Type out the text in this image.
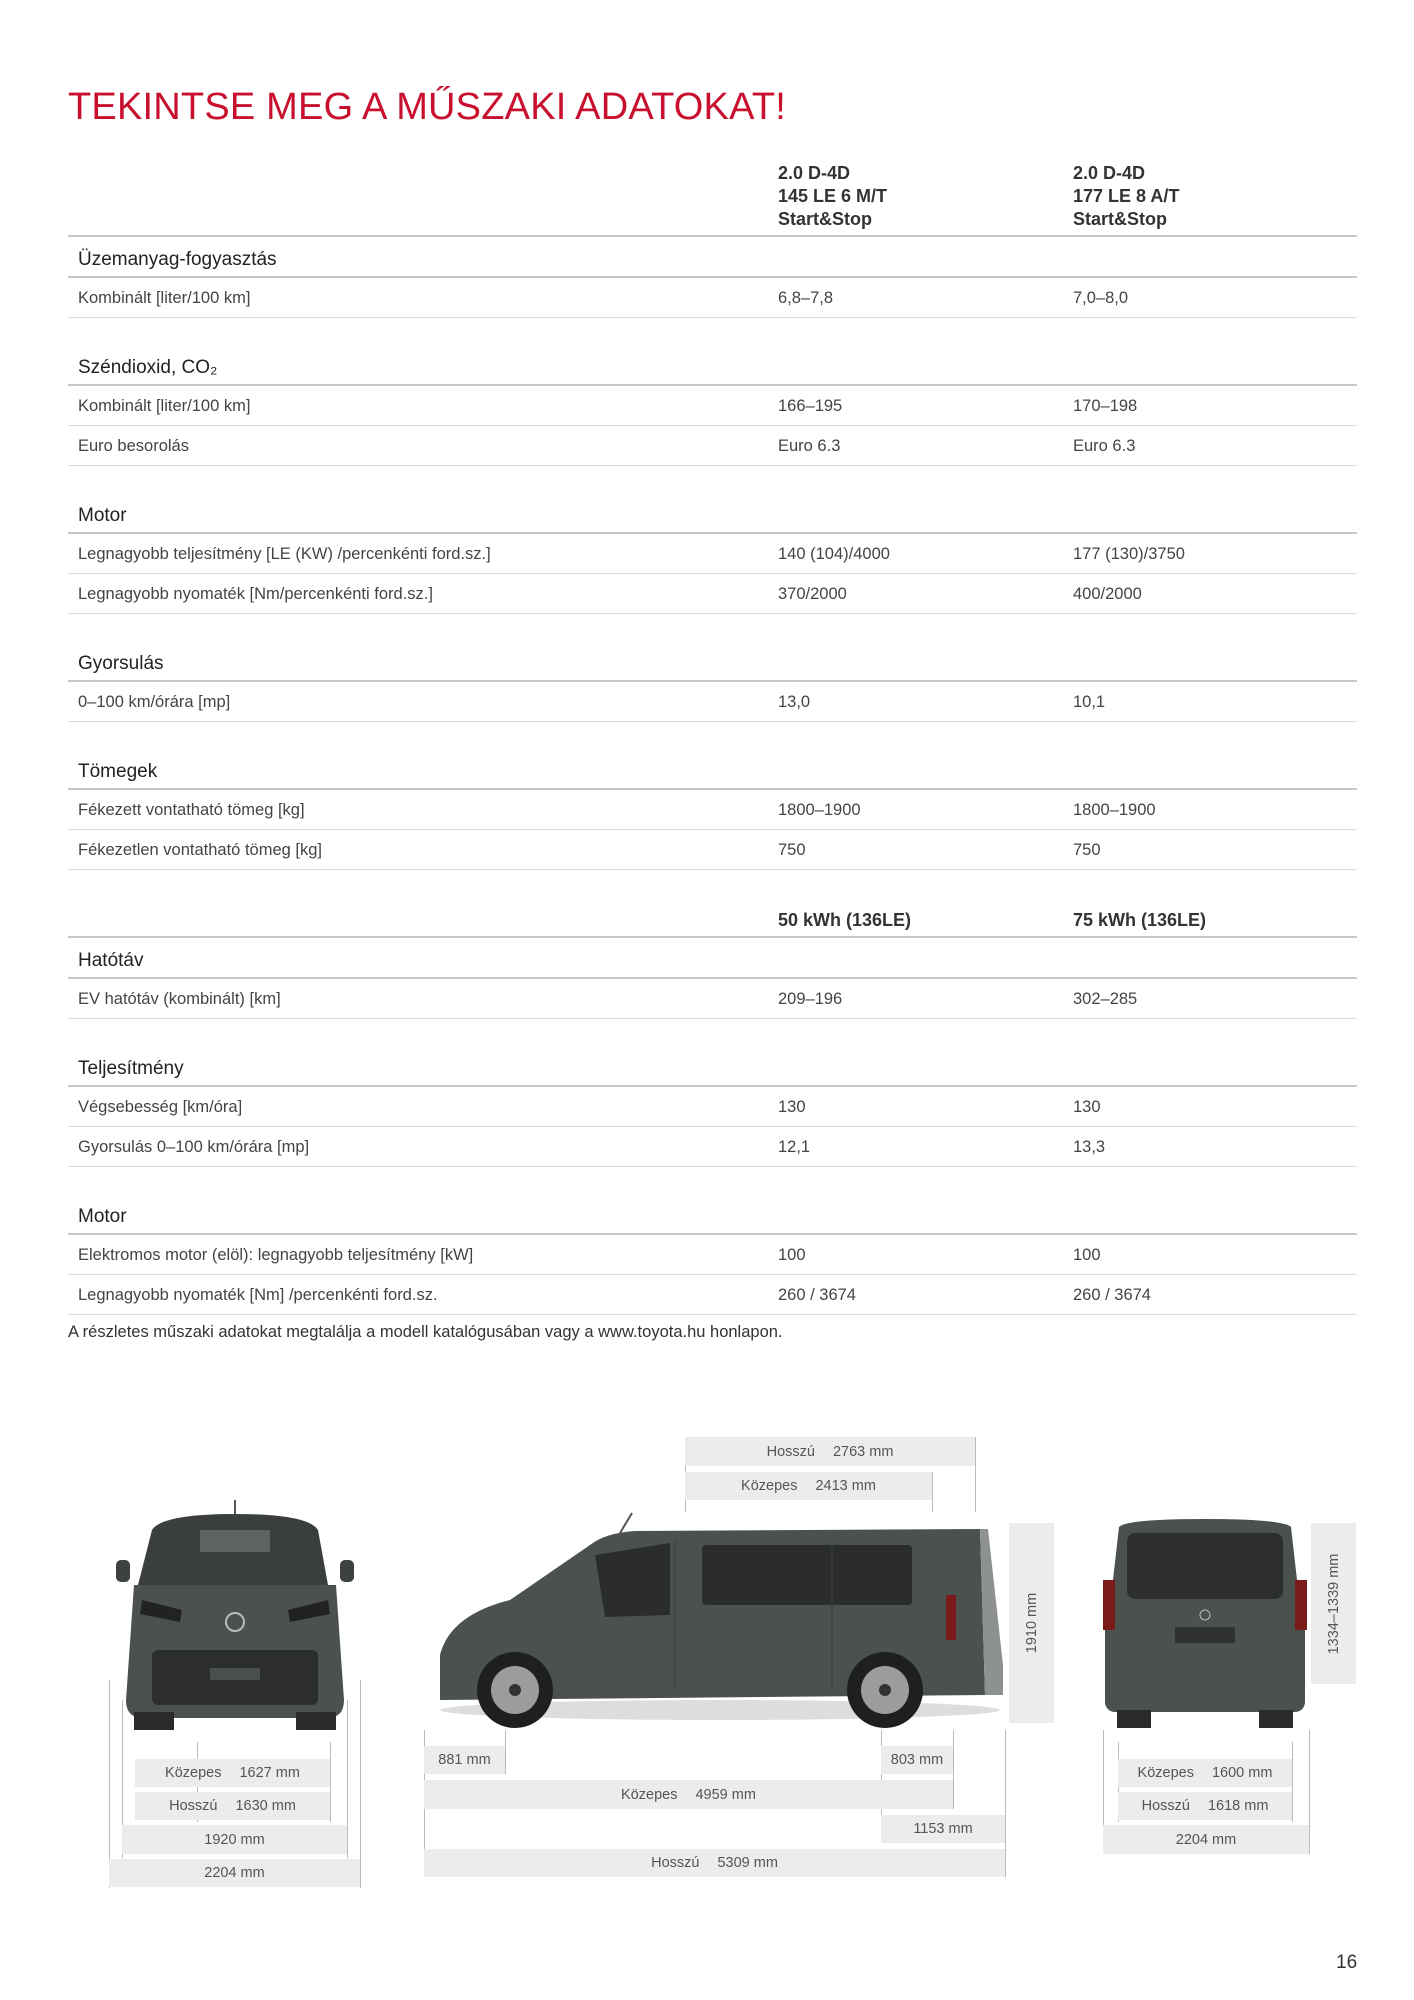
TEKINTSE MEG A MŰSZAKI ADATOKAT!
2.0 D-4D
145 LE 6 M/T
Start&Stop
2.0 D-4D
177 LE 8 A/T
Start&Stop
Üzemanyag-fogyasztás
Kombinált [liter/100 km]	6,8–7,8	7,0–8,0
Széndioxid, CO₂
Kombinált [liter/100 km]	166–195	170–198
Euro besorolás	Euro 6.3	Euro 6.3
Motor
Legnagyobb teljesítmény [LE (KW) /percenkénti ford.sz.]	140 (104)/4000	177 (130)/3750
Legnagyobb nyomaték [Nm/percenkénti ford.sz.]	370/2000	400/2000
Gyorsulás
0–100 km/órára [mp]	13,0	10,1
Tömegek
Fékezett vontatható tömeg [kg]	1800–1900	1800–1900
Fékezetlen vontatható tömeg [kg]	750	750
50 kWh (136LE)	75 kWh (136LE)
Hatótáv
EV hatótáv (kombinált) [km]	209–196	302–285
Teljesítmény
Végsebesség [km/óra]	130	130
Gyorsulás 0–100 km/órára [mp]	12,1	13,3
Motor
Elektromos motor (elöl): legnagyobb teljesítmény [kW]	100	100
Legnagyobb nyomaték [Nm] /percenkénti ford.sz.	260 / 3674	260 / 3674
A részletes műszaki adatokat megtalálja a modell katalógusában vagy a www.toyota.hu honlapon.
Közepes 1627 mm
Hosszú 1630 mm
1920 mm
2204 mm
Hosszú 2763 mm
Közepes 2413 mm
1910 mm
881 mm	803 mm
Közepes 4959 mm
1153 mm
Hosszú 5309 mm
1334–1339 mm
Közepes 1600 mm
Hosszú 1618 mm
2204 mm
16
